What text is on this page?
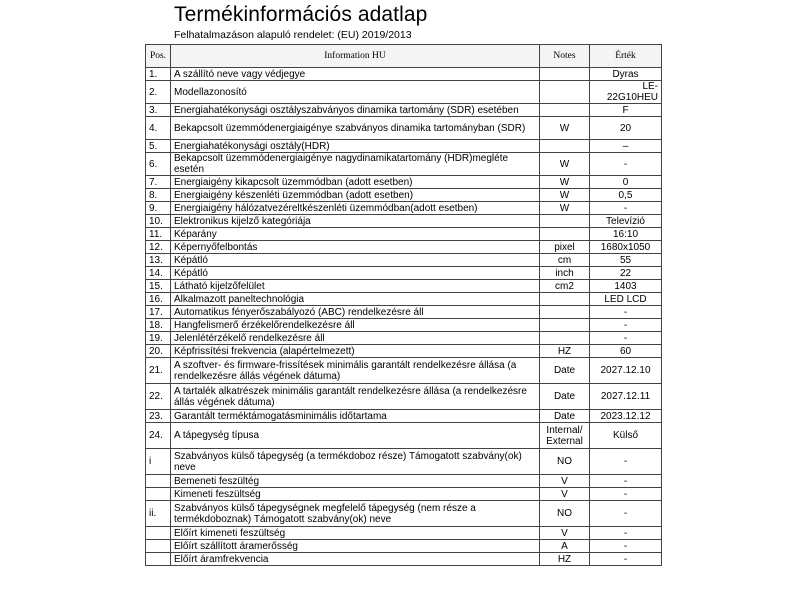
Termékinformációs adatlap
Felhatalmazáson alapuló rendelet: (EU) 2019/2013
Pos.	Information HU	Notes	Érték
1.	A szállító neve vagy védjegye		Dyras
2.	Modellazonosító		LE-22G10HEU
3.	Energiahatékonysági osztályszabványos dinamika tartomány (SDR) esetében		F
4.	Bekapcsolt üzemmódenergiaigénye szabványos dinamika tartományban (SDR)	W	20
5.	Energiahatékonysági osztály(HDR)		–
6.	Bekapcsolt üzemmódenergiaigénye nagydinamikatartomány (HDR)megléte esetén	W	-
7.	Energiaigény kikapcsolt üzemmódban (adott esetben)	W	0
8.	Energiaigény készenléti üzemmódban (adott esetben)	W	0,5
9.	Energiaigény hálózatvezéreltkészenléti üzemmódban(adott esetben)	W	-
10.	Elektronikus kijelző kategóriája		Televízió
11.	Képarány		16:10
12.	Képernyőfelbontás	pixel	1680x1050
13.	Képátló	cm	55
14.	Képátló	inch	22
15.	Látható kijelzőfelület	cm2	1403
16.	Alkalmazott paneltechnológia		LED LCD
17.	Automatikus fényerőszabályozó (ABC) rendelkezésre áll		-
18.	Hangfelismerő érzékelőrendelkezésre áll		-
19.	Jelenlétérzékelő rendelkezésre áll		-
20.	Képfrissítési frekvencia (alapértelmezett)	HZ	60
21.	A szoftver- és firmware-frissítések minimális garantált rendelkezésre állása (a rendelkezésre állás végének dátuma)	Date	2027.12.10
22.	A tartalék alkatrészek minimális garantált rendelkezésre állása (a rendelkezésre állás végének dátuma)	Date	2027.12.11
23.	Garantált terméktámogatásminimális időtartama	Date	2023.12.12
24.	A tápegység típusa	Internal/ External	Külső
i	Szabványos külső tápegység (a termékdoboz része) Támogatott szabvány(ok) neve	NO	-
	Bemeneti feszültég	V	-
	Kimeneti feszültség	V	-
ii.	Szabványos külső tápegységnek megfelelő tápegység (nem része a termékdoboznak) Támogatott szabvány(ok) neve	NO	-
	Előírt kimeneti feszültség	V	-
	Előírt szállított áramerősség	A	-
	Előírt áramfrekvencia	HZ	-
